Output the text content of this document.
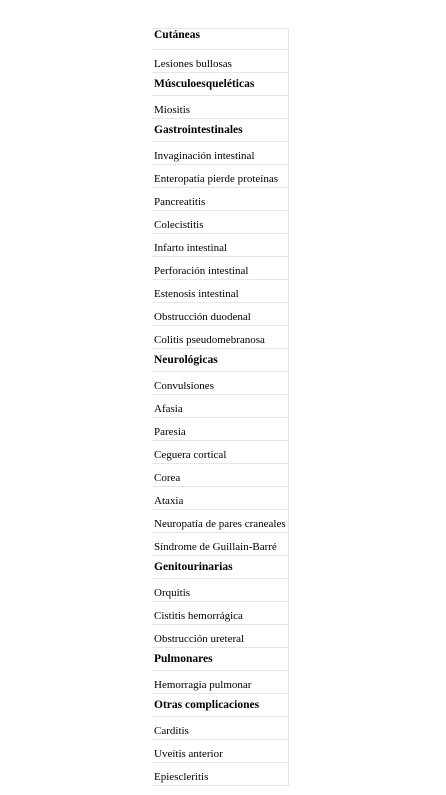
Cutáneas
Lesiones bullosas
Músculoesqueléticas
Miositis
Gastrointestinales
Invaginación intestinal
Enteropatía pierde proteínas
Pancreatitis
Colecistitis
Infarto intestinal
Perforación intestinal
Estenosis intestinal
Obstrucción duodenal
Colitis pseudomebranosa
Neurológicas
Convulsiones
Afasia
Paresia
Ceguera cortical
Corea
Ataxia
Neuropatía de pares craneales
Síndrome de Guillain-Barré
Genitourinarias
Orquitis
Cistitis hemorrágica
Obstrucción ureteral
Pulmonares
Hemorragia pulmonar
Otras complicaciones
Carditis
Uveítis anterior
Epiescleritis
